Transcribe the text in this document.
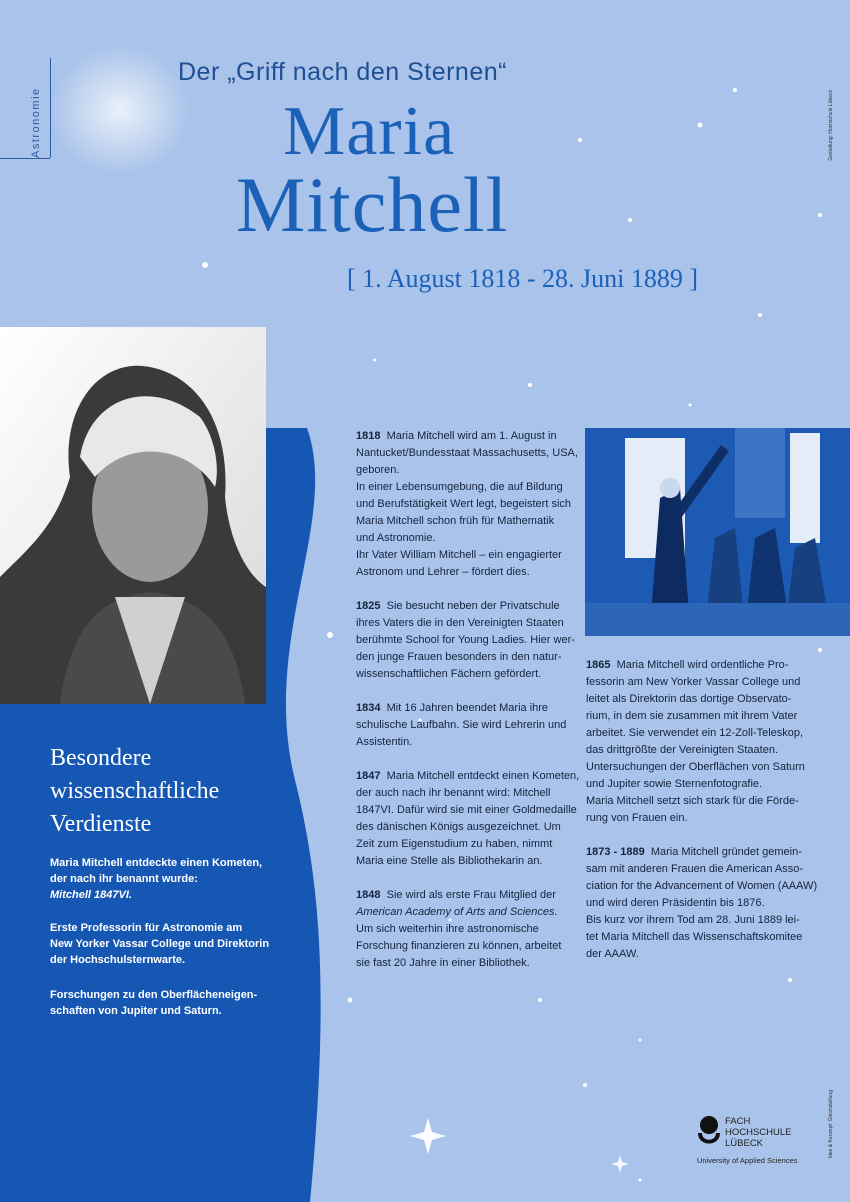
Astronomie	Gestaltung: Hochschule Lübeck
Idee & Konzept: Gleichstellung
Der „Griff nach den Sternen“
Maria
Mitchell
[ 1. August 1818 - 28. Juni 1889 ]
Besondere
wissenschaftliche
Verdienste
Maria Mitchell entdeckte einen Kometen,
der nach ihr benannt wurde:
Mitchell 1847VI.
Erste Professorin für Astronomie am
New Yorker Vassar College und Direktorin
der Hochschulsternwarte.
Forschungen zu den Oberflächeneigen-
schaften von Jupiter und Saturn.

1818 Maria Mitchell wird am 1. August in
Nantucket/Bundesstaat Massachusetts, USA,
geboren.
In einer Lebensumgebung, die auf Bildung
und Berufstätigkeit Wert legt, begeistert sich
Maria Mitchell schon früh für Mathematik
und Astronomie.
Ihr Vater William Mitchell – ein engagierter
Astronom und Lehrer – fördert dies.

1825 Sie besucht neben der Privatschule
ihres Vaters die in den Vereinigten Staaten
berühmte School for Young Ladies. Hier wer-
den junge Frauen besonders in den natur-
wissenschaftlichen Fächern gefördert.

1834 Mit 16 Jahren beendet Maria ihre
schulische Laufbahn. Sie wird Lehrerin und
Assistentin.

1847 Maria Mitchell entdeckt einen Kometen,
der auch nach ihr benannt wird: Mitchell
1847VI. Dafür wird sie mit einer Goldmedaille
des dänischen Königs ausgezeichnet. Um
Zeit zum Eigenstudium zu haben, nimmt
Maria eine Stelle als Bibliothekarin an.

1848 Sie wird als erste Frau Mitglied der
American Academy of Arts and Sciences.
Um sich weiterhin ihre astronomische
Forschung finanzieren zu können, arbeitet
sie fast 20 Jahre in einer Bibliothek.

1865 Maria Mitchell wird ordentliche Pro-
fessorin am New Yorker Vassar College und
leitet als Direktorin das dortige Observato-
rium, in dem sie zusammen mit ihrem Vater
arbeitet. Sie verwendet ein 12-Zoll-Teleskop,
das drittgrößte der Vereinigten Staaten.
Untersuchungen der Oberflächen von Saturn
und Jupiter sowie Sternenfotografie.
Maria Mitchell setzt sich stark für die Förde-
rung von Frauen ein.

1873 - 1889 Maria Mitchell gründet gemein-
sam mit anderen Frauen die American Asso-
ciation for the Advancement of Women (AAAW)
und wird deren Präsidentin bis 1876.
Bis kurz vor ihrem Tod am 28. Juni 1889 lei-
tet Maria Mitchell das Wissenschaftskomitee
der AAAW.

FACH
HOCHSCHULE
LÜBECK
University of Applied Sciences
